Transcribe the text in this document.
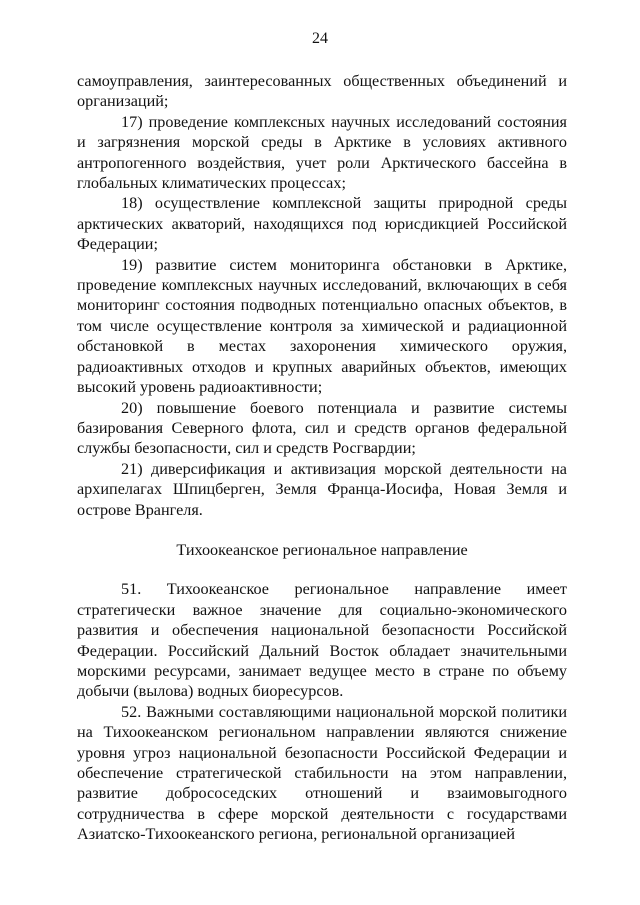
24

самоуправления, заинтересованных общественных объединений и организаций;

17) проведение комплексных научных исследований состояния и загрязнения морской среды в Арктике в условиях активного антропогенного воздействия, учет роли Арктического бассейна в глобальных климатических процессах;

18) осуществление комплексной защиты природной среды арктических акваторий, находящихся под юрисдикцией Российской Федерации;

19) развитие систем мониторинга обстановки в Арктике, проведение комплексных научных исследований, включающих в себя мониторинг состояния подводных потенциально опасных объектов, в том числе осуществление контроля за химической и радиационной обстановкой в местах захоронения химического оружия, радиоактивных отходов и крупных аварийных объектов, имеющих высокий уровень радиоактивности;

20) повышение боевого потенциала и развитие системы базирования Северного флота, сил и средств органов федеральной службы безопасности, сил и средств Росгвардии;

21) диверсификация и активизация морской деятельности на архипелагах Шпицберген, Земля Франца-Иосифа, Новая Земля и острове Врангеля.

Тихоокеанское региональное направление

51. Тихоокеанское региональное направление имеет стратегически важное значение для социально-экономического развития и обеспечения национальной безопасности Российской Федерации. Российский Дальний Восток обладает значительными морскими ресурсами, занимает ведущее место в стране по объему добычи (вылова) водных биоресурсов.

52. Важными составляющими национальной морской политики на Тихоокеанском региональном направлении являются снижение уровня угроз национальной безопасности Российской Федерации и обеспечение стратегической стабильности на этом направлении, развитие добрососедских отношений и взаимовыгодного сотрудничества в сфере морской деятельности с государствами Азиатско-Тихоокеанского региона, региональной организацией
